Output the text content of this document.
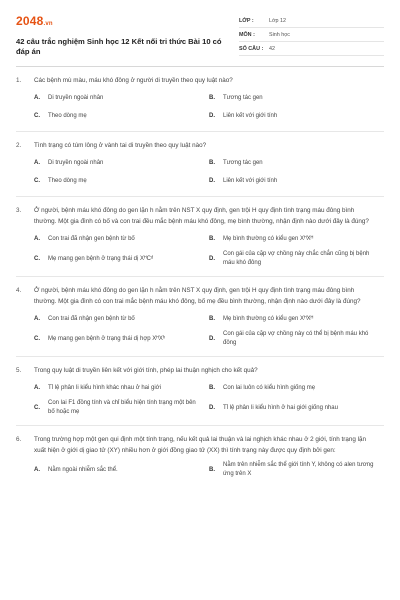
2048.vn
42 câu trắc nghiệm Sinh học 12 Kết nối tri thức Bài 10 có đáp án
LỚP :	Lớp 12
MÔN :	Sinh học
SỐ CÂU :	42
1.	Các bệnh mù màu, máu khó đông ở người di truyền theo quy luật nào?
A.	Di truyền ngoài nhân	B.	Tương tác gen
C.	Theo dòng mẹ	D.	Liên kết với giới tính
2.	Tình trạng có túm lông ở vành tai di truyền theo quy luật nào?
A.	Di truyền ngoài nhân	B.	Tương tác gen
C.	Theo dòng mẹ	D.	Liên kết với giới tính
3.	Ở người, bệnh máu khó đông do gen lặn h nằm trên NST X quy định, gen trội H quy định tình trạng máu đông bình thường. Một gia đình có bố và con trai đều mắc bệnh máu khó đông, mẹ bình thường, nhận định nào dưới đây là đúng?
A.	Con trai đã nhận gen bệnh từ bố	B.	Mẹ bình thường có kiểu gen XᴴXᴴ
C.	Mẹ mang gen bệnh ở trạng thái dị XᴴCᵈ	D.
Con gái của cặp vợ chồng này chắc chắn cũng bị bệnh máu khó đông
4.	Ở người, bệnh máu khó đông do gen lặn h nằm trên NST X quy định, gen trội H quy định tình trạng máu đông bình thường. Một gia đình có con trai mắc bệnh máu khó đông, bố mẹ đều bình thường, nhận định nào dưới đây là đúng?
A.	Con trai đã nhận gen bệnh từ bố	B.	Mẹ bình thường có kiểu gen XᴴXᴴ
C.	Mẹ mang gen bệnh ở trạng thái dị hợp XᴴXʰ	D.
Con gái của cặp vợ chồng này có thể bị bệnh máu khó đông
5.	Trong quy luật di truyền liên kết với giới tính, phép lai thuận nghịch cho kết quả?
A.	Tỉ lệ phân li kiểu hình khác nhau ở hai giới	B.	Con lai luôn có kiểu hình giống mẹ
C.
Con lai F1 đồng tính và chỉ biểu hiện tính trạng một bên bố hoặc mẹ
D.	Tỉ lệ phân li kiểu hình ở hai giới giống nhau
6.	Trong trường hợp một gen qui định một tính trạng, nếu kết quả lai thuận và lai nghịch khác nhau ở 2 giới, tính trạng lặn xuất hiện ở giới dị giao tử (XY) nhiều hơn ở giới đồng giao tử (XX) thì tính trạng này được quy định bởi gen:
A.	Nằm ngoài nhiễm sắc thể.	B.
Nằm trên nhiễm sắc thể giới tính Y, không có alen tương ứng trên X
